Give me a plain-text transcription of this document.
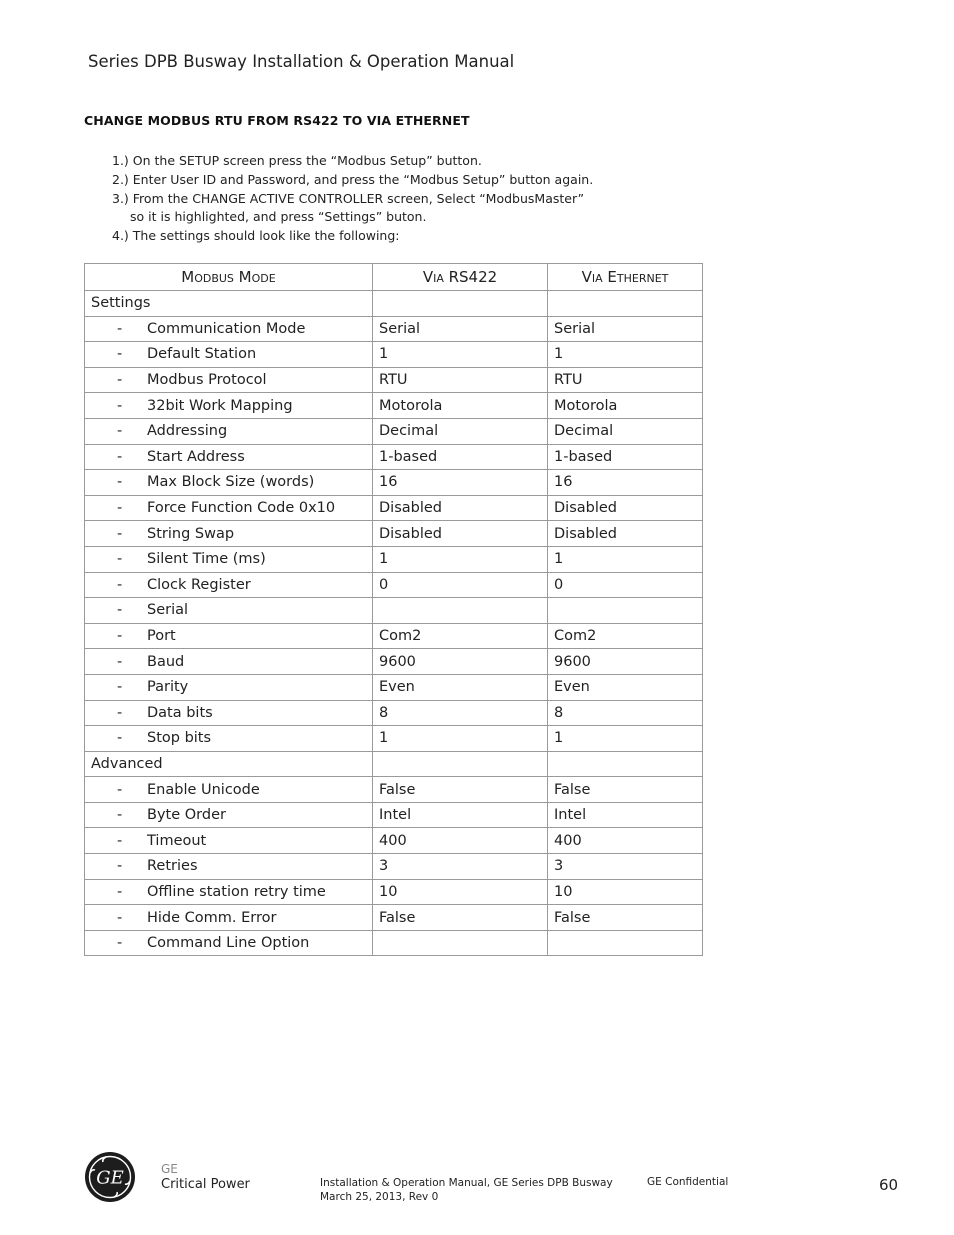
Series DPB Busway Installation & Operation Manual
CHANGE MODBUS RTU FROM RS422 TO VIA ETHERNET
1.) On the SETUP screen press the “Modbus Setup” button.
2.) Enter User ID and Password, and press the “Modbus Setup” button again.
3.) From the CHANGE ACTIVE CONTROLLER screen, Select “ModbusMaster”
so it is highlighted, and press “Settings” buton.
4.) The settings should look like the following:
Modbus Mode	Via RS422	Via Ethernet
Settings		
- Communication Mode	Serial	Serial
- Default Station	1	1
- Modbus Protocol	RTU	RTU
- 32bit Work Mapping	Motorola	Motorola
- Addressing	Decimal	Decimal
- Start Address	1-based	1-based
- Max Block Size (words)	16	16
- Force Function Code 0x10	Disabled	Disabled
- String Swap	Disabled	Disabled
- Silent Time (ms)	1	1
- Clock Register	0	0
- Serial		
- Port	Com2	Com2
- Baud	9600	9600
- Parity	Even	Even
- Data bits	8	8
- Stop bits	1	1
Advanced		
- Enable Unicode	False	False
- Byte Order	Intel	Intel
- Timeout	400	400
- Retries	3	3
- Offline station retry time	10	10
- Hide Comm. Error	False	False
- Command Line Option		
GE	GE
Critical Power	Installation & Operation Manual, GE Series DPB Busway
March 25, 2013, Rev 0
GE Confidential	60
